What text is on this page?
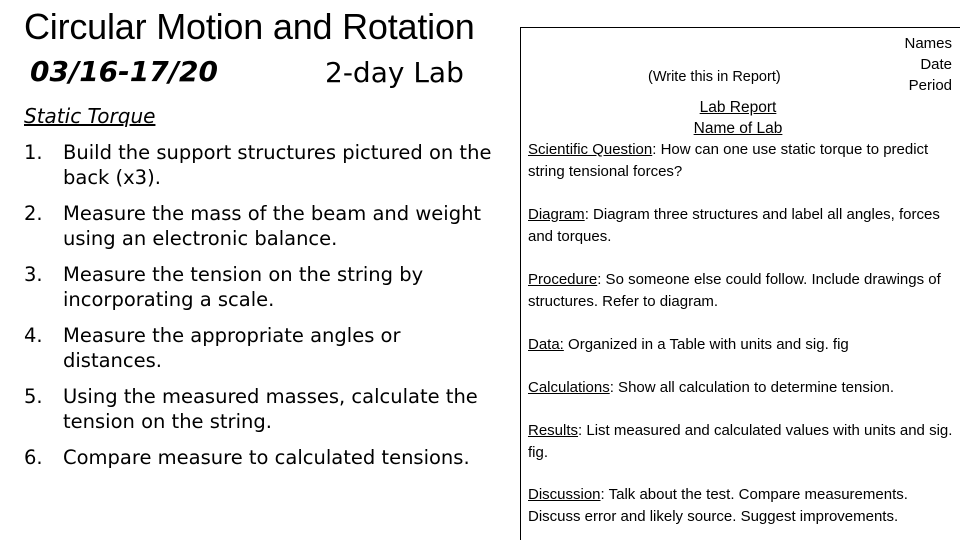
Circular Motion and Rotation
03/16-17/20	2-day Lab
Static Torque
1. Build the support structures pictured on the back (x3).
2. Measure the mass of the beam and weight using an electronic balance.
3. Measure the tension on the string by incorporating a scale.
4. Measure the appropriate angles or distances.
5. Using the measured masses, calculate the tension on the string.
6. Compare measure to calculated tensions.
(Write this in Report)
Names
Date
Period
Lab Report
Name of Lab
Scientific Question: How can one use static torque to predict string tensional forces?
Diagram: Diagram three structures and label all angles, forces and torques.
Procedure: So someone else could follow. Include drawings of structures. Refer to diagram.
Data: Organized in a Table with units and sig. fig
Calculations: Show all calculation to determine tension.
Results: List measured and calculated values with units and sig. fig.
Discussion: Talk about the test. Compare measurements. Discuss error and likely source. Suggest improvements.
